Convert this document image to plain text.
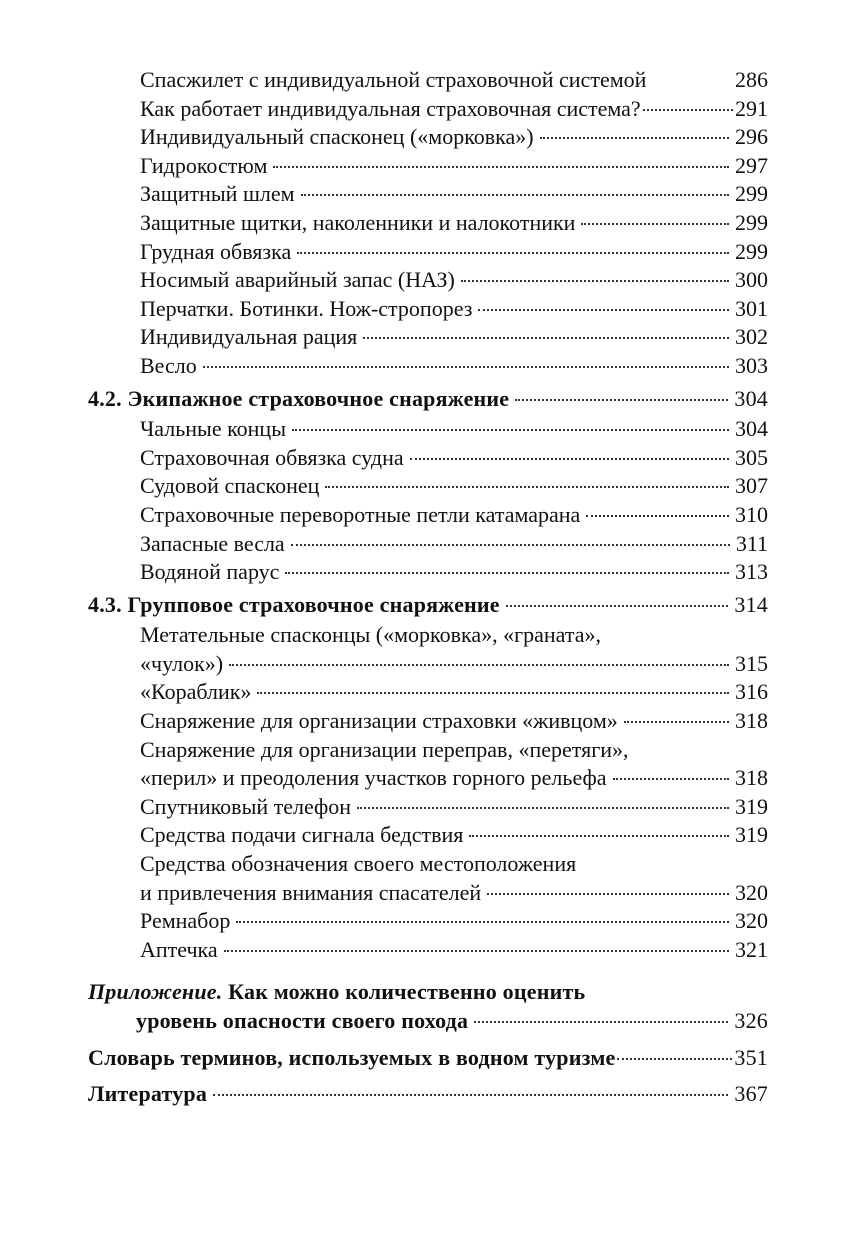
Спасжилет с индивидуальной страховочной системой	286
Как работает индивидуальная страховочная система?	291
Индивидуальный спасконец («морковка»)	296
Гидрокостюм	297
Защитный шлем	299
Защитные щитки, наколенники и налокотники	299
Грудная обвязка	299
Носимый аварийный запас (НАЗ)	300
Перчатки. Ботинки. Нож-стропорез	301
Индивидуальная рация	302
Весло	303
4.2. Экипажное страховочное снаряжение	304
Чальные концы	304
Страховочная обвязка судна	305
Судовой спасконец	307
Страховочные переворотные петли катамарана	310
Запасные весла	311
Водяной парус	313
4.3. Групповое страховочное снаряжение	314
Метательные спасконцы («морковка», «граната»,
«чулок»)	315
«Кораблик»	316
Снаряжение для организации страховки «живцом»	318
Снаряжение для организации переправ, «перетяги»,
«перил» и преодоления участков горного рельефа	318
Спутниковый телефон	319
Средства подачи сигнала бедствия	319
Средства обозначения своего местоположения
и привлечения внимания спасателей	320
Ремнабор	320
Аптечка	321
Приложение. Как можно количественно оценить
уровень опасности своего похода	326
Словарь терминов, используемых в водном туризме	351
Литература	367
